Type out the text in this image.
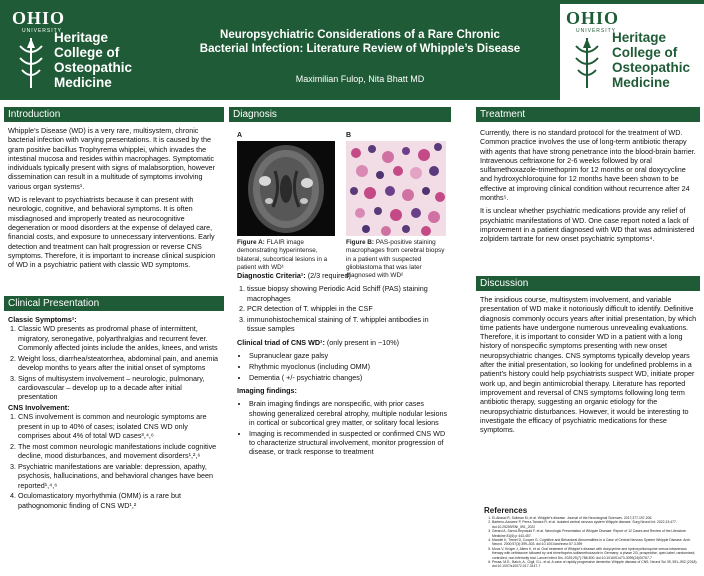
OHIO
UNIVERSITY
Heritage
College of
Osteopathic
Medicine
Neuropsychiatric Considerations of a Rare Chronic
Bacterial Infection: Literature Review of Whipple’s Disease
Maximilian Fulop, Nita Bhatt MD
OHIO
UNIVERSITY
Heritage
College of
Osteopathic
Medicine
Introduction

Whipple’s Disease (WD) is a very rare, multisystem, chronic bacterial infection with varying presentations. It is caused by the gram positive bacillus Trophyrema whipplei, which invades the intestinal mucosa and resides within macrophages. Symptomatic individuals typically present with signs of malabsorption, however dissemination can result in a multitude of symptoms involving various organ systems¹.

WD is relevant to psychiatrists because it can present with neurologic, cognitive, and behavioral symptoms. It is often misdiagnosed and improperly treated as neurocognitive degeneration or mood disorders at the expense of delayed care, financial costs, and exposure to unnecessary interventions. Early detection and treatment can halt progression or reverse CNS symptoms. Therefore, it is important to increase clinical suspicion of WD in a psychiatric patient with classic WD symptoms.

Clinical Presentation
Classic Symptoms¹:
1. Classic WD presents as prodromal phase of intermittent, migratory, seronegative, polyarthralgias and recurrent fever. Commonly affected joints include the ankles, knees, and wrists
2. Weight loss, diarrhea/steatorrhea, abdominal pain, and anemia develop months to years after the initial onset of symptoms
3. Signs of multisystem involvement – neurologic, pulmonary, cardiovascular – develop up to a decade after initial presentation
CNS Involvement:
1. CNS involvement is common and neurologic symptoms are present in up to 40% of cases; isolated CNS WD only comprises about 4% of total WD cases³,⁴,⁶
2. The most common neurologic manifestations include cognitive decline, mood disturbances, and movement disorders¹,²,⁶
3. Psychiatric manifestations are variable: depression, apathy, psychosis, hallucinations, and behavioral changes have been reported¹,⁴,⁶
4. Oculomasticatory myorhythmia (OMM) is a rare but pathognomonic finding of CNS WD¹,²
Diagnosis
A	B
Figure A: FLAIR image demonstrating hyperintense, bilateral, subcortical lesions in a patient with WD¹
Figure B: PAS-positive staining macrophages from cerebral biopsy in a patient with suspected glioblastoma that was later diagnosed with WD²
Diagnostic Criteria¹: (2/3 required)
1. tissue biopsy showing Periodic Acid Schiff (PAS) staining macrophages
2. PCR detection of T. whipplei in the CSF
3. immunohistochemical staining of T. whipplei antibodies in tissue samples
Clinical triad of CNS WD¹: (only present in ~10%)
• Supranuclear gaze palsy
• Rhythmic myoclonus (including OMM)
• Dementia ( +/- psychiatric changes)
Imaging findings:
• Brain imaging findings are nonspecific, with prior cases showing generalized cerebral atrophy, multiple nodular lesions in cortical or subcortical grey matter, or solitary focal lesions
• Imaging is recommended in suspected or confirmed CNS WD to characterize structural involvement, monitor progression of disease, or track response to treatment
Treatment

Currently, there is no standard protocol for the treatment of WD. Common practice involves the use of long-term antibiotic therapy with agents that have strong penetrance into the blood-brain barrier. Intravenous ceftriaxone for 2-6 weeks followed by oral sulfamethoxazole-trimethoprim for 12 months or oral doxycycline and hydroxychloroquine for 12 months have been shown to be effective at improving clinical condition without recurrence after 24 months⁵.

It is unclear whether psychiatric medications provide any relief of psychiatric manifestations of WD. One case report noted a lack of improvement in a patient diagnosed with WD that was administered zolpidem tartrate for new onset psychiatric symptoms⁴.

Discussion

The insidious course, multisystem involvement, and variable presentation of WD make it notoriously difficult to identify. Definitive diagnosis commonly occurs years after initial presentation, by which time patients have undergone numerous unrevealing evaluations. Therefore, it is important to consider WD in a patient with a long history of nonspecific symptoms presenting with new onset neuropsychiatric changes. CNS symptoms typically develop years after the initial presentation, so looking for undefined problems in a patient’s history could help psychiatrists suspect WD, initiate proper work up, and begin antimicrobial therapy. Literature has reported improvement and reversal of CNS symptoms following long term antibiotic therapy, suggesting an organic etiology for the neuropsychiatric disturbances. However, it would be interesting to investigate the efficacy of psychiatric medications for these symptoms.

References
1. El-Abassi R, Soliman M, et al. Whipple’s disease. Journal of the Neurological Sciences. 2017;377:197-206.
2. Barbero-Aznarez P, Perez-Tanoira R, et al. Isolated central nervous system Whipple disease. Surg Neurol Int. 2022;13:477. doi:10.25259/SNI_591_2022
3. Gerard A, Sarrot-Reynauld F, et al. Neurologic Presentation of Whipple Disease: Report of 12 Cases and Review of the Literature. Medicine 81(6):p 443-457.
4. Mandel K, Trenel D, Cooper G. Cognitive and Behavioral Abnormalities in a Case of Central Nervous System Whipple Disease. Arch Neurol. 2000;57(3):399–403. doi:10.1001/archneur.57.3.399
5. Moos V, Krüger J, Allers K, et al. Oral treatment of Whipple’s disease with doxycycline and hydroxychloroquine versus intravenous therapy with ceftriaxone followed by oral trimethoprim-sulfamethoxazole in Germany: a phase 2/3, prospective, open-label, randomised, controlled, non-inferiority trial. Lancet Infect Dis. 2025;25(7):788-800. doi:10.1016/S1473-3099(24)00767-7
6. Pessa, M.E., Balch, A., Gigli, G.L. et al. A case of rapidly progressive dementia: Whipple disease of CNS. Neurol Sci 39, 591–592 (2018). doi:10.1007/s10072-017-3147-7
